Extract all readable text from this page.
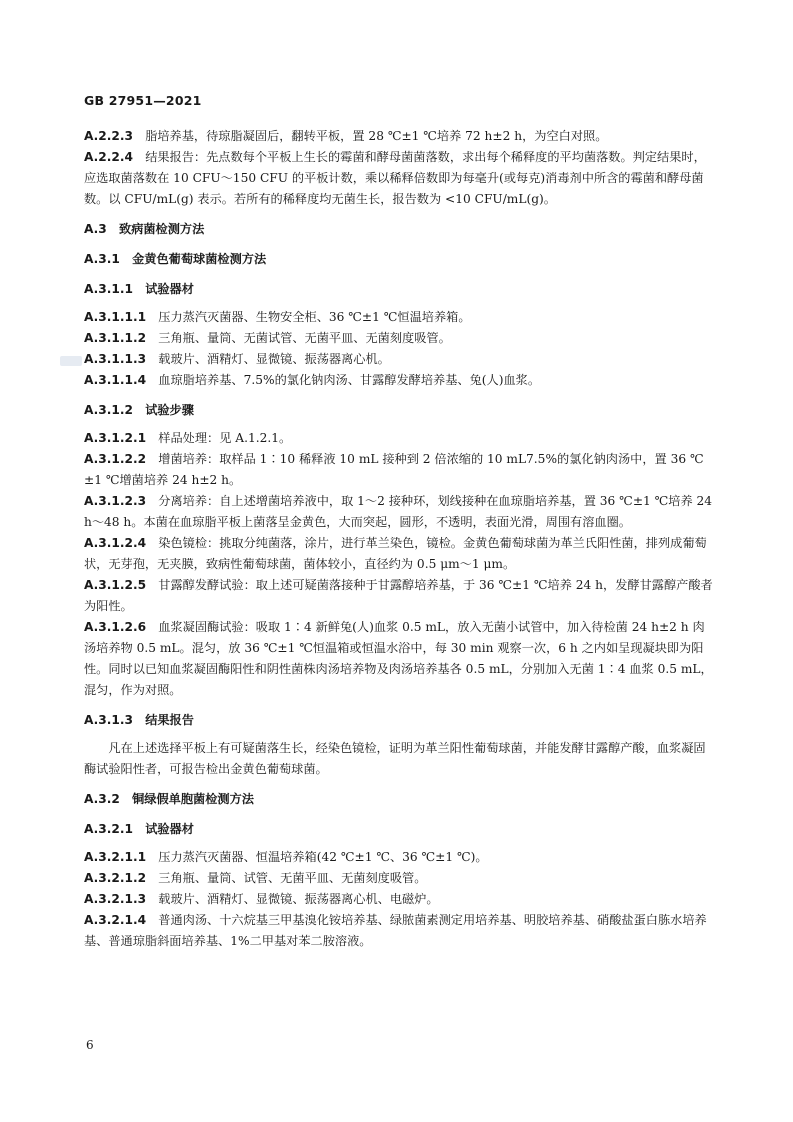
GB 27951—2021

A.2.2.3  脂培养基，待琼脂凝固后，翻转平板，置 28 ℃±1 ℃培养 72 h±2 h，为空白对照。

A.2.2.4  结果报告：先点数每个平板上生长的霉菌和酵母菌菌落数，求出每个稀释度的平均菌落数。判定结果时，应选取菌落数在 10 CFU～150 CFU 的平板计数，乘以稀释倍数即为每毫升(或每克)消毒剂中所含的霉菌和酵母菌数。以 CFU/mL(g) 表示。若所有的稀释度均无菌生长，报告数为 <10 CFU/mL(g)。

A.3  致病菌检测方法

A.3.1  金黄色葡萄球菌检测方法

A.3.1.1  试验器材

A.3.1.1.1  压力蒸汽灭菌器、生物安全柜、36 ℃±1 ℃恒温培养箱。

A.3.1.1.2  三角瓶、量筒、无菌试管、无菌平皿、无菌刻度吸管。

A.3.1.1.3  载玻片、酒精灯、显微镜、振荡器离心机。

A.3.1.1.4  血琼脂培养基、7.5%的氯化钠肉汤、甘露醇发酵培养基、兔(人)血浆。

A.3.1.2  试验步骤

A.3.1.2.1  样品处理：见 A.1.2.1。

A.3.1.2.2  增菌培养：取样品 1∶10 稀释液 10 mL 接种到 2 倍浓缩的 10 mL7.5%的氯化钠肉汤中，置 36 ℃±1 ℃增菌培养 24 h±2 h。

A.3.1.2.3  分离培养：自上述增菌培养液中，取 1～2 接种环，划线接种在血琼脂培养基，置 36 ℃±1 ℃培养 24 h～48 h。本菌在血琼脂平板上菌落呈金黄色，大而突起，圆形，不透明，表面光滑，周围有溶血圈。

A.3.1.2.4  染色镜检：挑取分纯菌落，涂片，进行革兰染色，镜检。金黄色葡萄球菌为革兰氏阳性菌，排列成葡萄状，无芽孢，无夹膜，致病性葡萄球菌，菌体较小，直径约为 0.5 μm～1 μm。

A.3.1.2.5  甘露醇发酵试验：取上述可疑菌落接种于甘露醇培养基，于 36 ℃±1 ℃培养 24 h，发酵甘露醇产酸者为阳性。

A.3.1.2.6  血浆凝固酶试验：吸取 1∶4 新鲜兔(人)血浆 0.5 mL，放入无菌小试管中，加入待检菌 24 h±2 h 肉汤培养物 0.5 mL。混匀，放 36 ℃±1 ℃恒温箱或恒温水浴中，每 30 min 观察一次，6 h 之内如呈现凝块即为阳性。同时以已知血浆凝固酶阳性和阴性菌株肉汤培养物及肉汤培养基各 0.5 mL，分别加入无菌 1∶4 血浆 0.5 mL，混匀，作为对照。

A.3.1.3  结果报告

凡在上述选择平板上有可疑菌落生长，经染色镜检，证明为革兰阳性葡萄球菌，并能发酵甘露醇产酸，血浆凝固酶试验阳性者，可报告检出金黄色葡萄球菌。

A.3.2  铜绿假单胞菌检测方法

A.3.2.1  试验器材

A.3.2.1.1  压力蒸汽灭菌器、恒温培养箱(42 ℃±1 ℃、36 ℃±1 ℃)。

A.3.2.1.2  三角瓶、量筒、试管、无菌平皿、无菌刻度吸管。

A.3.2.1.3  载玻片、酒精灯、显微镜、振荡器离心机、电磁炉。

A.3.2.1.4  普通肉汤、十六烷基三甲基溴化铵培养基、绿脓菌素测定用培养基、明胶培养基、硝酸盐蛋白胨水培养基、普通琼脂斜面培养基、1%二甲基对苯二胺溶液。

6
